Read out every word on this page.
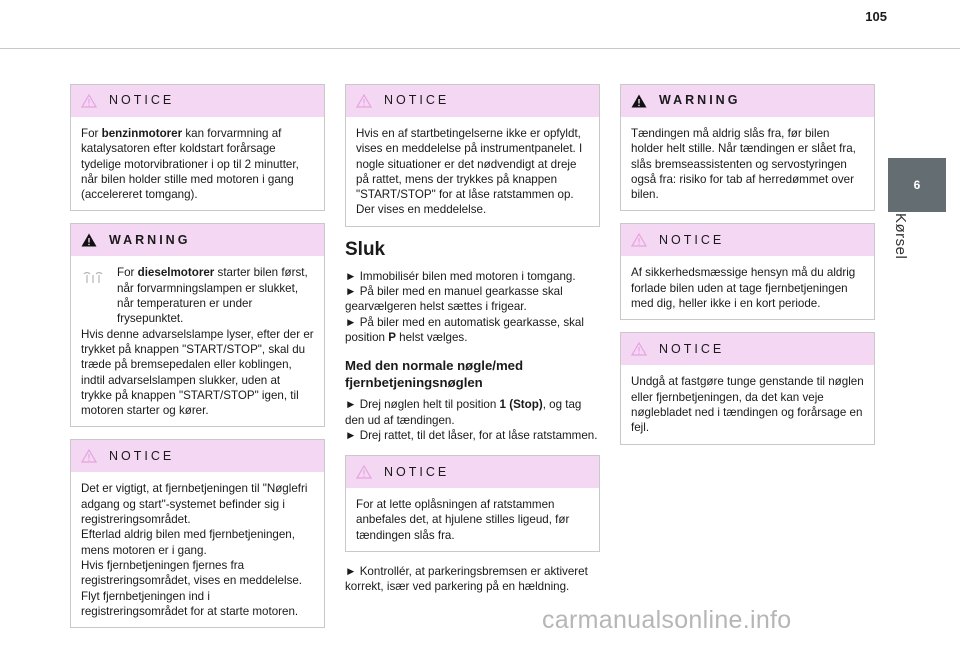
105
6
Kørsel
NOTICE

For benzinmotorer kan forvarmning af katalysatoren efter koldstart forårsage tydelige motorvibrationer i op til 2 minutter, når bilen holder stille med motoren i gang (accelereret tomgang).

WARNING

For dieselmotorer starter bilen først, når forvarmningslampen er slukket, når temperaturen er under frysepunktet.

Hvis denne advarselslampe lyser, efter der er trykket på knappen "START/STOP", skal du træde på bremsepedalen eller koblingen, indtil advarselslampen slukker, uden at trykke på knappen "START/STOP" igen, til motoren starter og kører.

NOTICE

Det er vigtigt, at fjernbetjeningen til "Nøglefri adgang og start"-systemet befinder sig i registreringsområdet.

Efterlad aldrig bilen med fjernbetjeningen, mens motoren er i gang.

Hvis fjernbetjeningen fjernes fra registreringsområdet, vises en meddelelse.

Flyt fjernbetjeningen ind i registreringsområdet for at starte motoren.

NOTICE

Hvis en af startbetingelserne ikke er opfyldt, vises en meddelelse på instrumentpanelet. I nogle situationer er det nødvendigt at dreje på rattet, mens der trykkes på knappen "START/STOP" for at låse ratstammen op. Der vises en meddelelse.

Sluk

► Immobilisér bilen med motoren i tomgang.

► På biler med en manuel gearkasse skal gearvælgeren helst sættes i frigear.

► På biler med en automatisk gearkasse, skal position P helst vælges.

Med den normale nøgle/med fjernbetjeningsnøglen

► Drej nøglen helt til position 1 (Stop), og tag den ud af tændingen.

► Drej rattet, til det låser, for at låse ratstammen.

NOTICE

For at lette oplåsningen af ratstammen anbefales det, at hjulene stilles ligeud, før tændingen slås fra.

► Kontrollér, at parkeringsbremsen er aktiveret korrekt, især ved parkering på en hældning.

WARNING

Tændingen må aldrig slås fra, før bilen holder helt stille. Når tændingen er slået fra, slås bremseassistenten og servostyringen også fra: risiko for tab af herredømmet over bilen.

NOTICE

Af sikkerhedsmæssige hensyn må du aldrig forlade bilen uden at tage fjernbetjeningen med dig, heller ikke i en kort periode.

NOTICE

Undgå at fastgøre tunge genstande til nøglen eller fjernbetjeningen, da det kan veje nøglebladet ned i tændingen og forårsage en fejl.

carmanualsonline.info
